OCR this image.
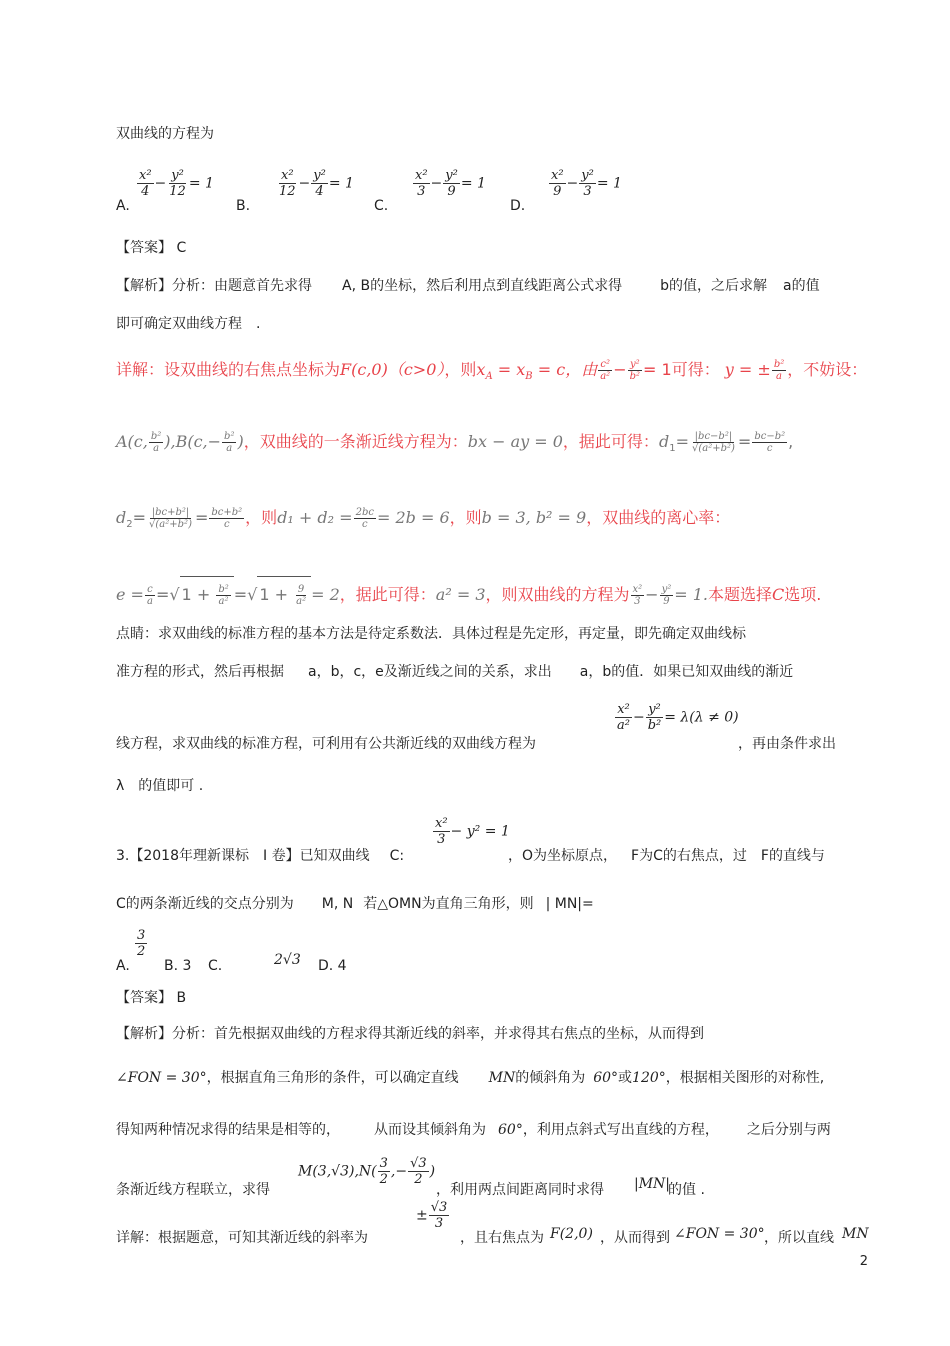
双曲线的方程为
A.
$\frac{\text{x²}}{4} - \frac{\text{y²}}{12} = 1$
B.
$\frac{\text{x²}}{12} - \frac{\text{y²}}{4} = 1$
C.
$\frac{\text{x²}}{3} - \frac{\text{y²}}{9} = 1$
D.
$\frac{\text{x²}}{9} - \frac{\text{y²}}{3} = 1$
【答案】 C
【解析】分析：由题意首先求得 A, B的坐标，然后利用点到直线距离公式求得	b的值，之后求解 a的值
即可确定双曲线方程　.
详解：设双曲线的右焦点坐标为F(c,0)（c>0），则$x_A = x_B = c$，由 $\frac{\text{c²}}{\text{a²}} - \frac{\text{y²}}{\text{b²}} = 1$可得： y = ± $\frac{\text{b²}}{a}$ ，不妨设：
A(c, $\frac{\text{b²}}{a} ),B(c,- \frac{\text{b²}}{a}$ )，双曲线的一条渐近线方程为：bx − ay = 0，据此可得：$d_1= \frac{\text{|bc−b²|}}{\text{√(a²+b²)}} = \frac{\text{bc−b²}}{c}$ ,
$d_2= \frac{\text{|bc+b²|}}{\text{√(a²+b²)}} = \frac{\text{bc+b²}}{c}$ ，则$d_1 + d_2 = \frac{2bc}{c} = 2b = 6$，则b = 3, b² = 9，双曲线的离心率：
$e = \frac{c}{a}$ =√ $1 + \frac{\text{b²}}{\text{a²}}$ =√ $1 + \frac{9}{\text{a²}} = 2$，据此可得：a² = 3，则双曲线的方程为 $\frac{\text{x²}}{3} - \frac{\text{y²}}{9} = 1$.本题选择C选项.
点睛：求双曲线的标准方程的基本方法是待定系数法．具体过程是先定形，再定量，即先确定双曲线标
准方程的形式，然后再根据 a，b，c，e及渐近线之间的关系，求出 a，b的值．如果已知双曲线的渐近
线方程，求双曲线的标准方程，可利用有公共渐近线的双曲线方程为
$\frac{\text{x²}}{\text{a²}} - \frac{\text{y²}}{\text{b²}} = \lambda(\lambda \ne 0)$
，再由条件求出
λ　的值即可 .
3.【2018年理新课标　Ⅰ 卷】已知双曲线 C:
$\frac{\text{x²}}{3} - y^2 = 1$
，O为坐标原点， F为C的右焦点，过 F的直线与
C的两条渐近线的交点分别为 M, N 若△OMN为直角三角形，则 | MN|=
A.
$\frac{3}{2}$
B. 3 C.	2√3 D. 4
【答案】 B
【解析】分析：首先根据双曲线的方程求得其渐近线的斜率，并求得其右焦点的坐标，从而得到
∠FON = 30°，根据直角三角形的条件，可以确定直线 MN的倾斜角为 60°或120°，根据相关图形的对称性,
得知两种情况求得的结果是相等的， 从而设其倾斜角为 60°，利用点斜式写出直线的方程， 之后分别与两
条渐近线方程联立，求得
$M(3,√3),N( \frac{3}{2}$ ,− $\frac{√3}{2}$ )
，利用两点间距离同时求得 |MN|
的值 .
详解：根据题意，可知其渐近线的斜率为
± $\frac{√3}{3}$
，且右焦点为 F(2,0) ，从而得到 ∠FON = 30° ，所以直线 MN
2
